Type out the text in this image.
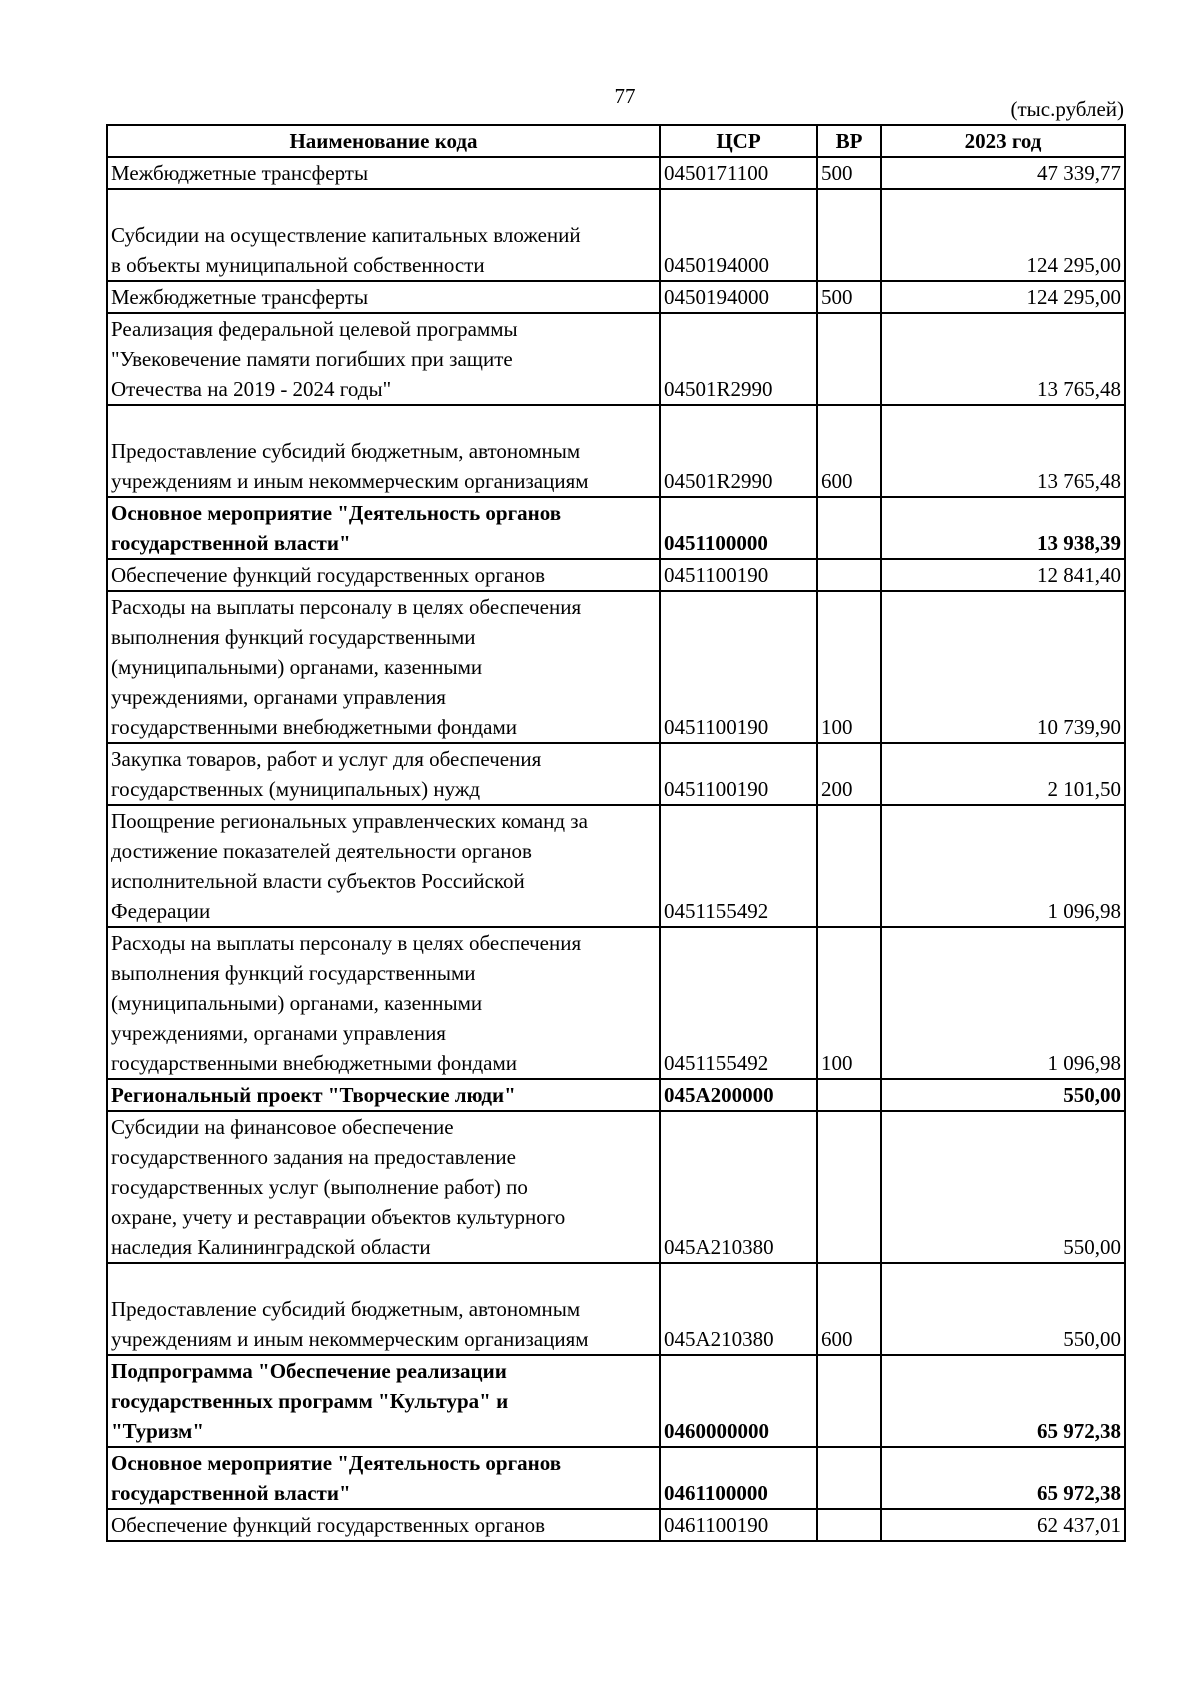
77
(тыс.рублей)
Наименование кода	ЦСР	ВР	2023 год
Межбюджетные трансферты	0450171100	500	47 339,77

Субсидии на осуществление капитальных вложений
в объекты муниципальной собственности	0450194000		124 295,00
Межбюджетные трансферты	0450194000	500	124 295,00
Реализация федеральной целевой программы
"Увековечение памяти погибших при защите
Отечества на 2019 - 2024 годы"	04501R2990		13 765,48

Предоставление субсидий бюджетным, автономным
учреждениям и иным некоммерческим организациям	04501R2990	600	13 765,48
Основное мероприятие "Деятельность органов
государственной власти"	0451100000		13 938,39
Обеспечение функций государственных органов	0451100190		12 841,40
Расходы на выплаты персоналу в целях обеспечения
выполнения функций государственными
(муниципальными) органами, казенными
учреждениями, органами управления
государственными внебюджетными фондами	0451100190	100	10 739,90
Закупка товаров, работ и услуг для обеспечения
государственных (муниципальных) нужд	0451100190	200	2 101,50
Поощрение региональных управленческих команд за
достижение показателей деятельности органов
исполнительной власти субъектов Российской
Федерации	0451155492		1 096,98
Расходы на выплаты персоналу в целях обеспечения
выполнения функций государственными
(муниципальными) органами, казенными
учреждениями, органами управления
государственными внебюджетными фондами	0451155492	100	1 096,98
Региональный проект "Творческие люди"	045А200000		550,00
Субсидии на финансовое обеспечение
государственного задания на предоставление
государственных услуг (выполнение работ) по
охране, учету и реставрации объектов культурного
наследия Калининградской области	045А210380		550,00

Предоставление субсидий бюджетным, автономным
учреждениям и иным некоммерческим организациям	045А210380	600	550,00
Подпрограмма "Обеспечение реализации
государственных программ "Культура" и
"Туризм"	0460000000		65 972,38
Основное мероприятие "Деятельность органов
государственной власти"	0461100000		65 972,38
Обеспечение функций государственных органов	0461100190		62 437,01
